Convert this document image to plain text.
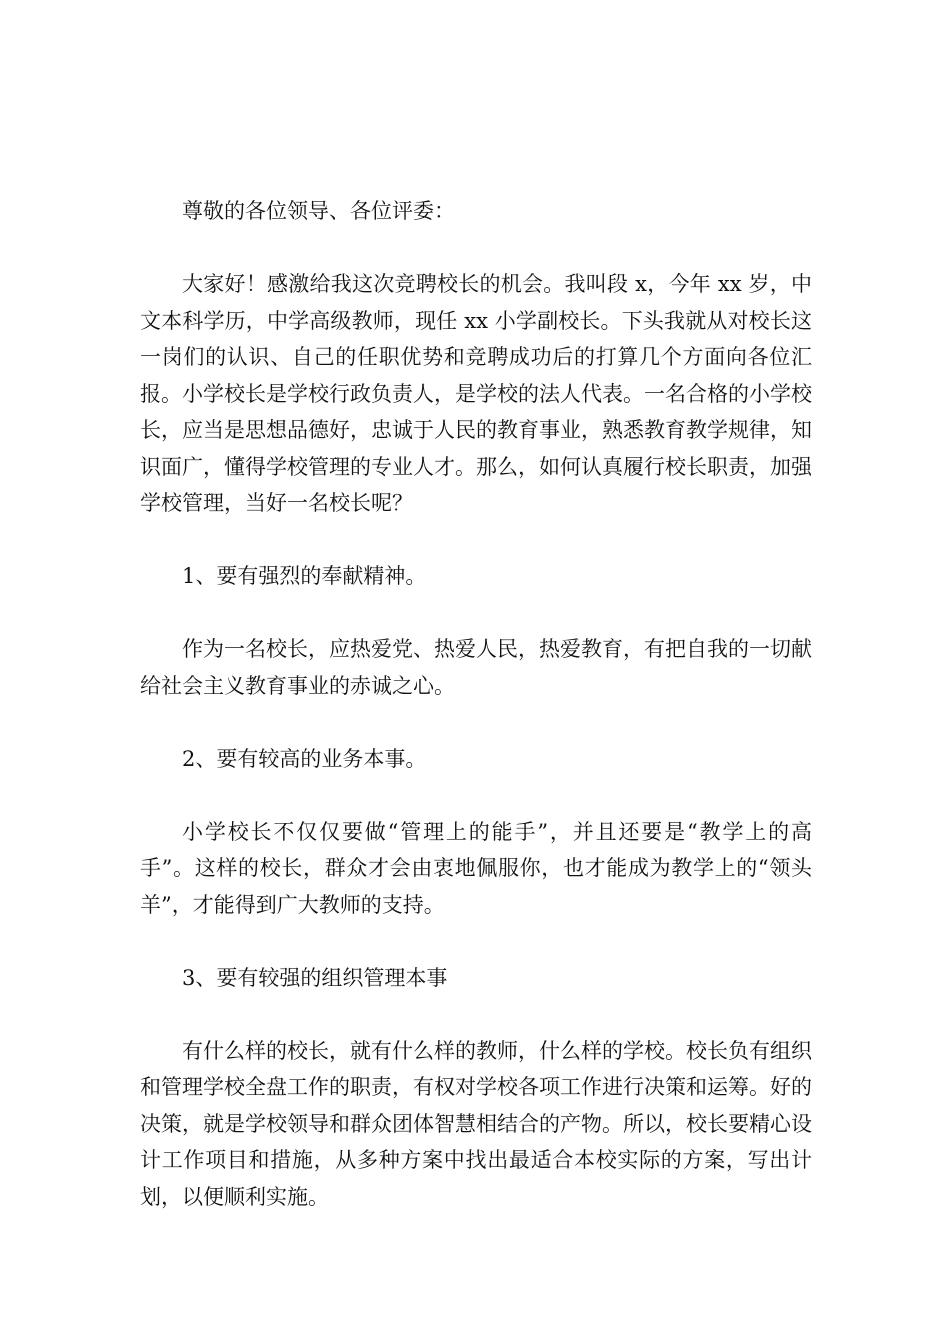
尊敬的各位领导、各位评委：

大家好！感激给我这次竞聘校长的机会。我叫段 x，今年 xx 岁，中文本科学历，中学高级教师，现任 xx 小学副校长。下头我就从对校长这一岗们的认识、自己的任职优势和竞聘成功后的打算几个方面向各位汇报。小学校长是学校行政负责人，是学校的法人代表。一名合格的小学校长，应当是思想品德好，忠诚于人民的教育事业，熟悉教育教学规律，知识面广，懂得学校管理的专业人才。那么，如何认真履行校长职责，加强学校管理，当好一名校长呢？

1、要有强烈的奉献精神。

作为一名校长，应热爱党、热爱人民，热爱教育，有把自我的一切献给社会主义教育事业的赤诚之心。

2、要有较高的业务本事。

小学校长不仅仅要做“管理上的能手”，并且还要是“教学上的高手”。这样的校长，群众才会由衷地佩服你，也才能成为教学上的“领头羊”，才能得到广大教师的支持。

3、要有较强的组织管理本事

有什么样的校长，就有什么样的教师，什么样的学校。校长负有组织和管理学校全盘工作的职责，有权对学校各项工作进行决策和运筹。好的决策，就是学校领导和群众团体智慧相结合的产物。所以，校长要精心设计工作项目和措施，从多种方案中找出最适合本校实际的方案，写出计划，以便顺利实施。
